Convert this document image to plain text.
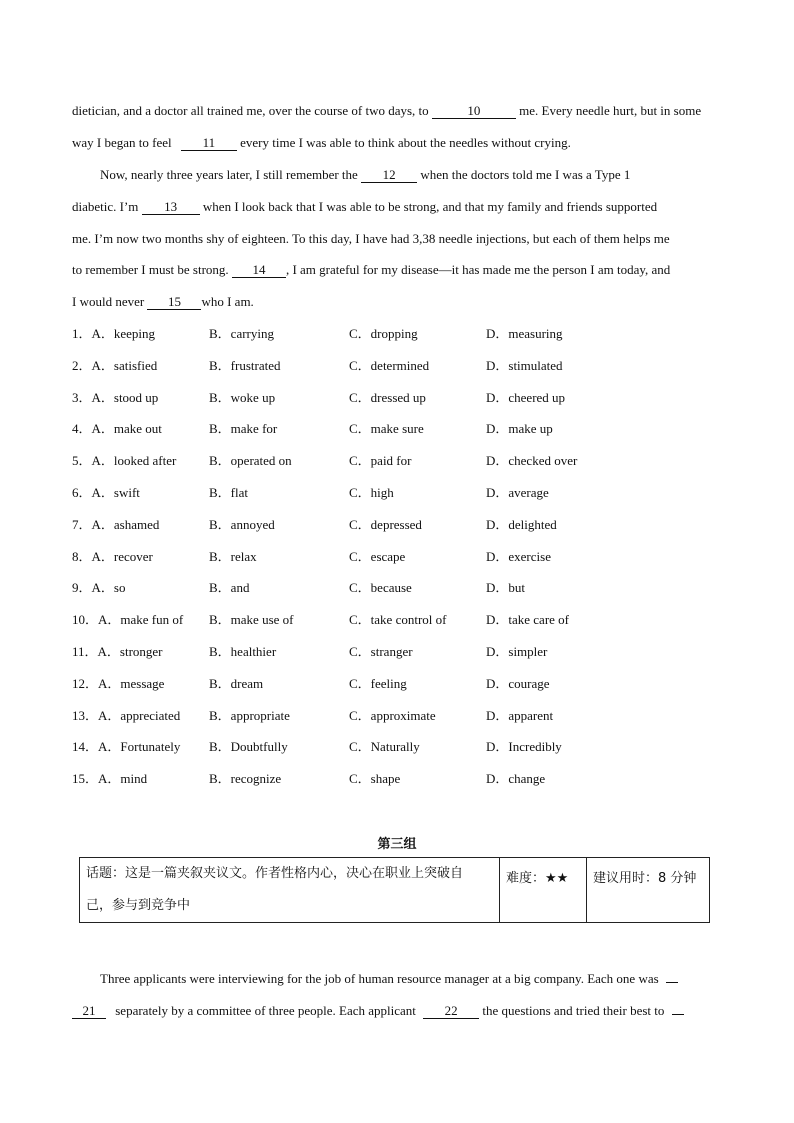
dietician, and a doctor all trained me, over the course of two days, to	10	me. Every needle hurt, but in some
way I began to feel 11 every time I was able to think about the needles without crying.
Now, nearly three years later, I still remember the 12 when the doctors told me I was a Type 1
diabetic. I’m 13 when I look back that I was able to be strong, and that my family and friends supported
me. I’m now two months shy of eighteen. To this day, I have had 3,38 needle injections, but each of them helps me
to remember I must be strong. 14 , I am grateful for my disease—it has made me the person I am today, and
I would never 15 who I am.
1．A．keeping	B．carrying	C．dropping	D．measuring
2．A．satisfied	B．frustrated	C．determined	D．stimulated
3．A．stood up	B．woke up	C．dressed up	D．cheered up
4．A．make out	B．make for	C．make sure	D．make up
5．A．looked after	B．operated on	C．paid for	D．checked over
6．A．swift	B．flat	C．high	D．average
7．A．ashamed	B．annoyed	C．depressed	D．delighted
8．A．recover	B．relax	C．escape	D．exercise
9．A．so	B．and	C．because	D．but
10．A．make fun of B．make use of	C．take control of	D．take care of
11．A．stronger	B．healthier	C．stranger	D．simpler
12．A．message	B．dream	C．feeling	D．courage
13．A．appreciated B．appropriate	C．approximate	D．apparent
14．A．Fortunately B．Doubtfully	C．Naturally	D．Incredibly
15．A．mind	B．recognize	C．shape	D．change
第三组
话题：这是一篇夹叙夹议文。作者性格内心，决心在职业上突破自
己，参与到竞争中
	难度：★★	建议用时：8 分钟
Three applicants were interviewing for the job of human resource manager at a big company. Each one was
21 separately by a committee of three people. Each applicant 22 the questions and tried their best to
